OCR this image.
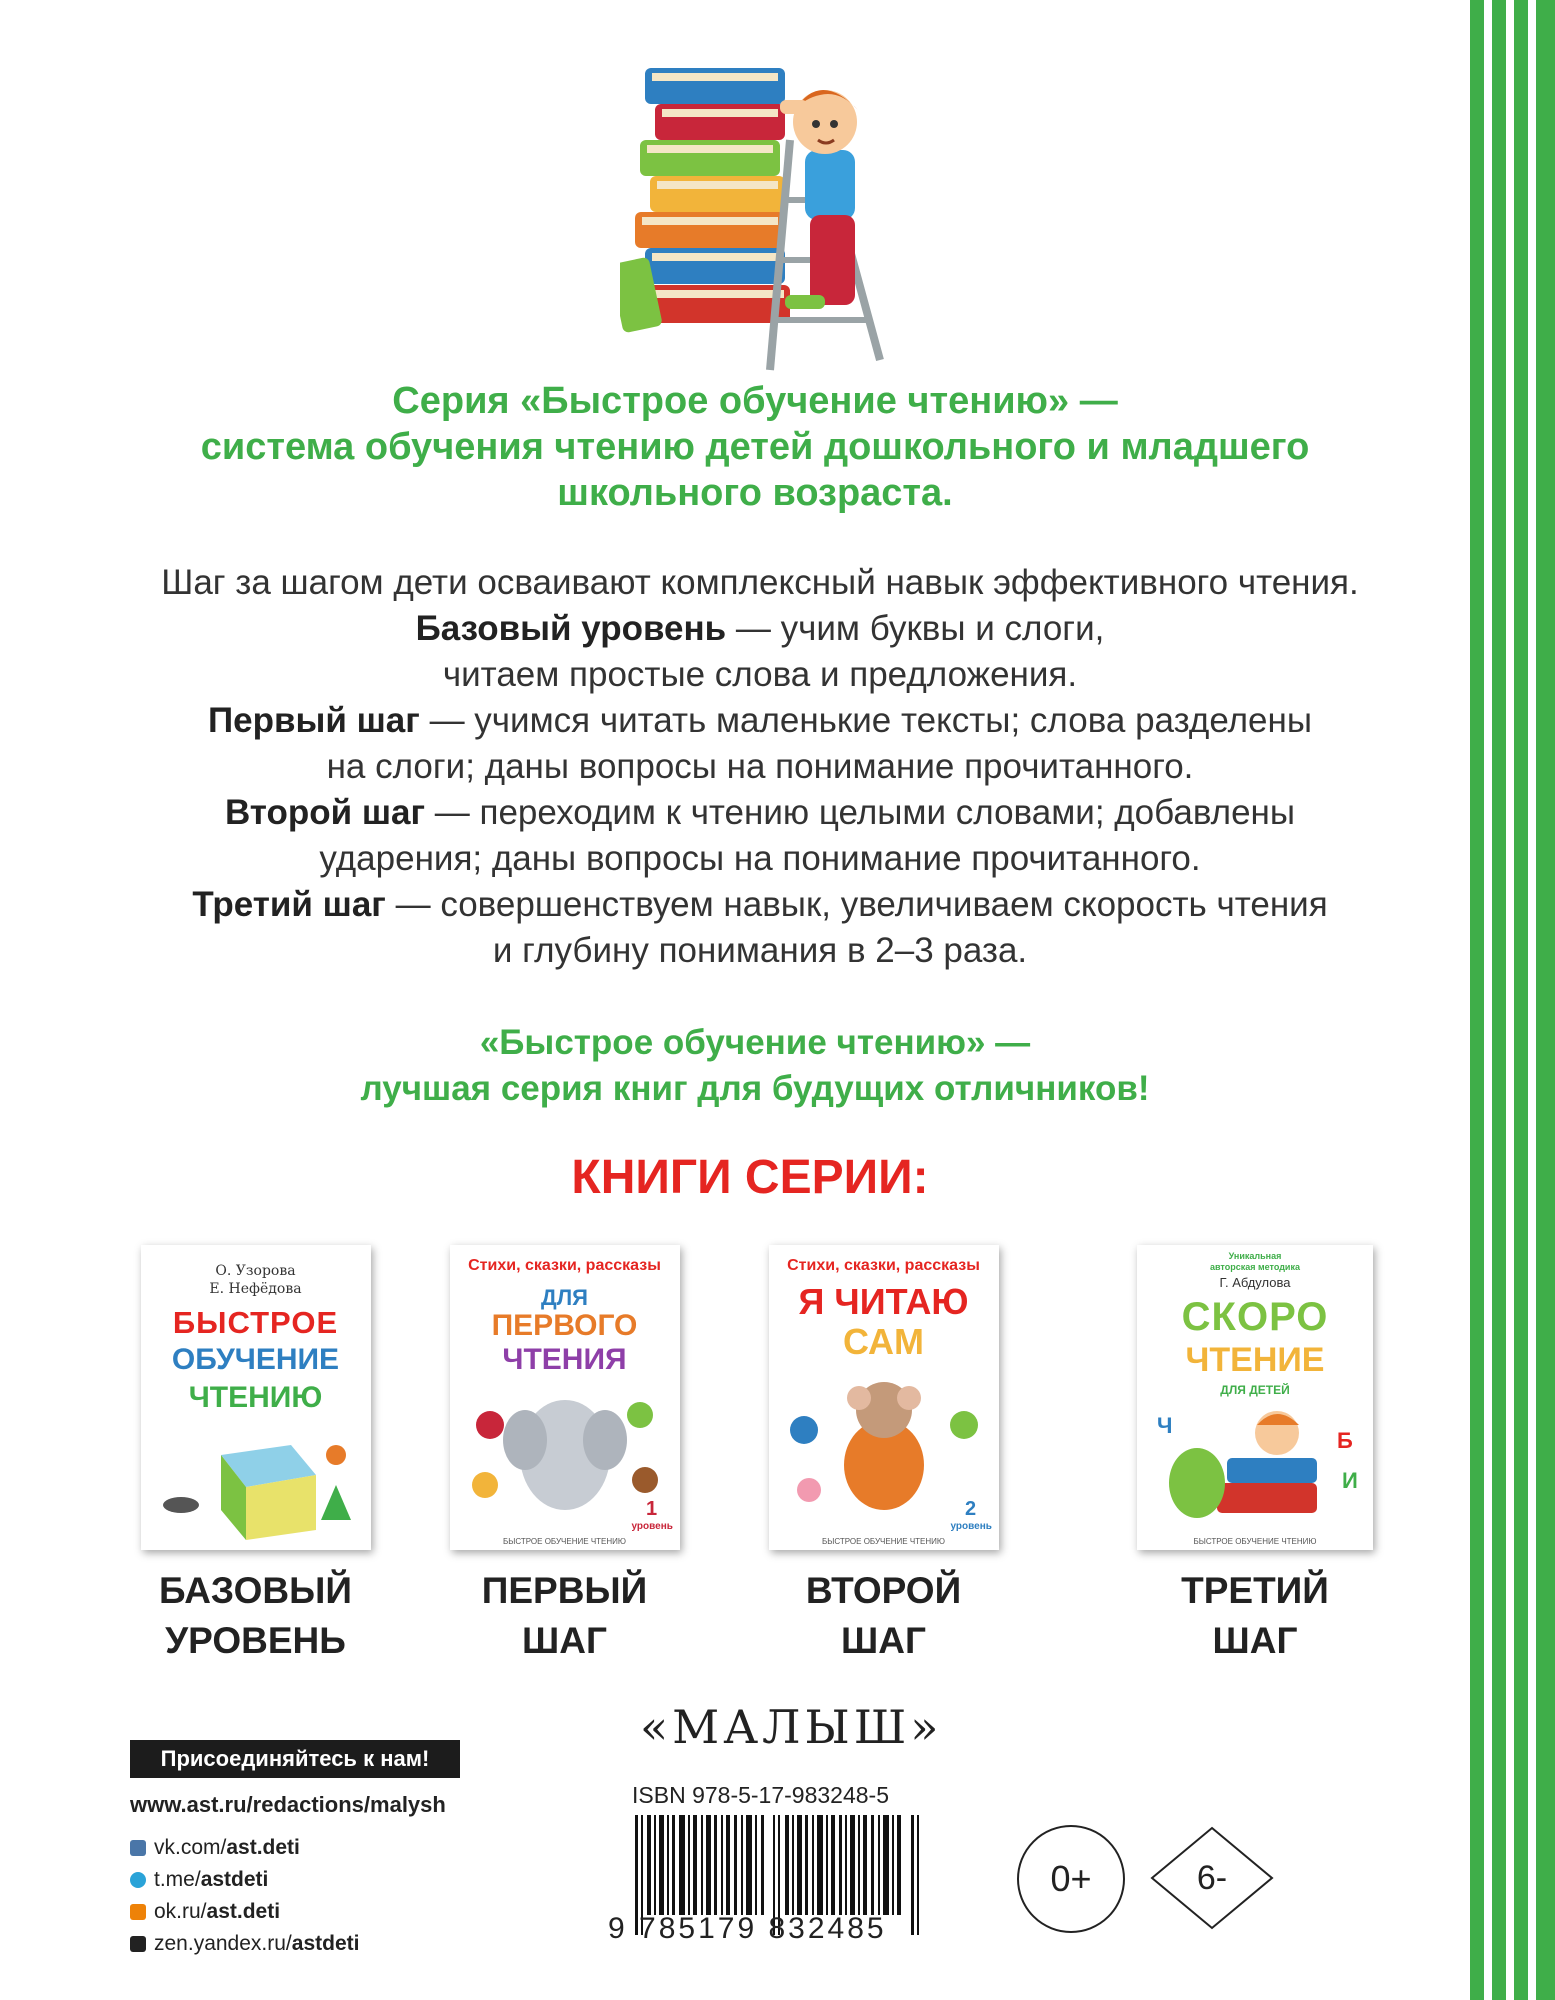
Серия «Быстрое обучение чтению» —
система обучения чтению детей дошкольного и младшего
школьного возраста.
Шаг за шагом дети осваивают комплексный навык эффективного чтения.
Базовый уровень — учим буквы и слоги,
читаем простые слова и предложения.
Первый шаг — учимся читать маленькие тексты; слова разделены
на слоги; даны вопросы на понимание прочитанного.
Второй шаг — переходим к чтению целыми словами; добавлены
ударения; даны вопросы на понимание прочитанного.
Третий шаг — совершенствуем навык, увеличиваем скорость чтения
и глубину понимания в 2–3 раза.
«Быстрое обучение чтению» —
лучшая серия книг для будущих отличников!
КНИГИ СЕРИИ:
О. Узорова
Е. Нефёдова
БЫСТРОЕ
ОБУЧЕНИЕ
ЧТЕНИЮ
БАЗОВЫЙ
УРОВЕНЬ
Стихи, сказки, рассказы
ДЛЯ
ПЕРВОГО
ЧТЕНИЯ
1
уровень
БЫСТРОЕ ОБУЧЕНИЕ ЧТЕНИЮ
ПЕРВЫЙ
ШАГ
Стихи, сказки, рассказы
Я ЧИТАЮ
САМ
2
уровень
БЫСТРОЕ ОБУЧЕНИЕ ЧТЕНИЮ
ВТОРОЙ
ШАГ
Уникальная
авторская методика
Г. Абдулова
СКОРО
ЧТЕНИЕ
ДЛЯ ДЕТЕЙ
Ч
Б
И
БЫСТРОЕ ОБУЧЕНИЕ ЧТЕНИЮ
ТРЕТИЙ
ШАГ
Присоединяйтесь к нам!
www.ast.ru/redactions/malysh
vk.com/ ast.deti
t.me/ astdeti
ok.ru/ ast.deti
zen.yandex.ru/ astdeti
«МАЛЫШ»
ISBN 978-5-17-983248-5
9 785179 832485
0+	6-
